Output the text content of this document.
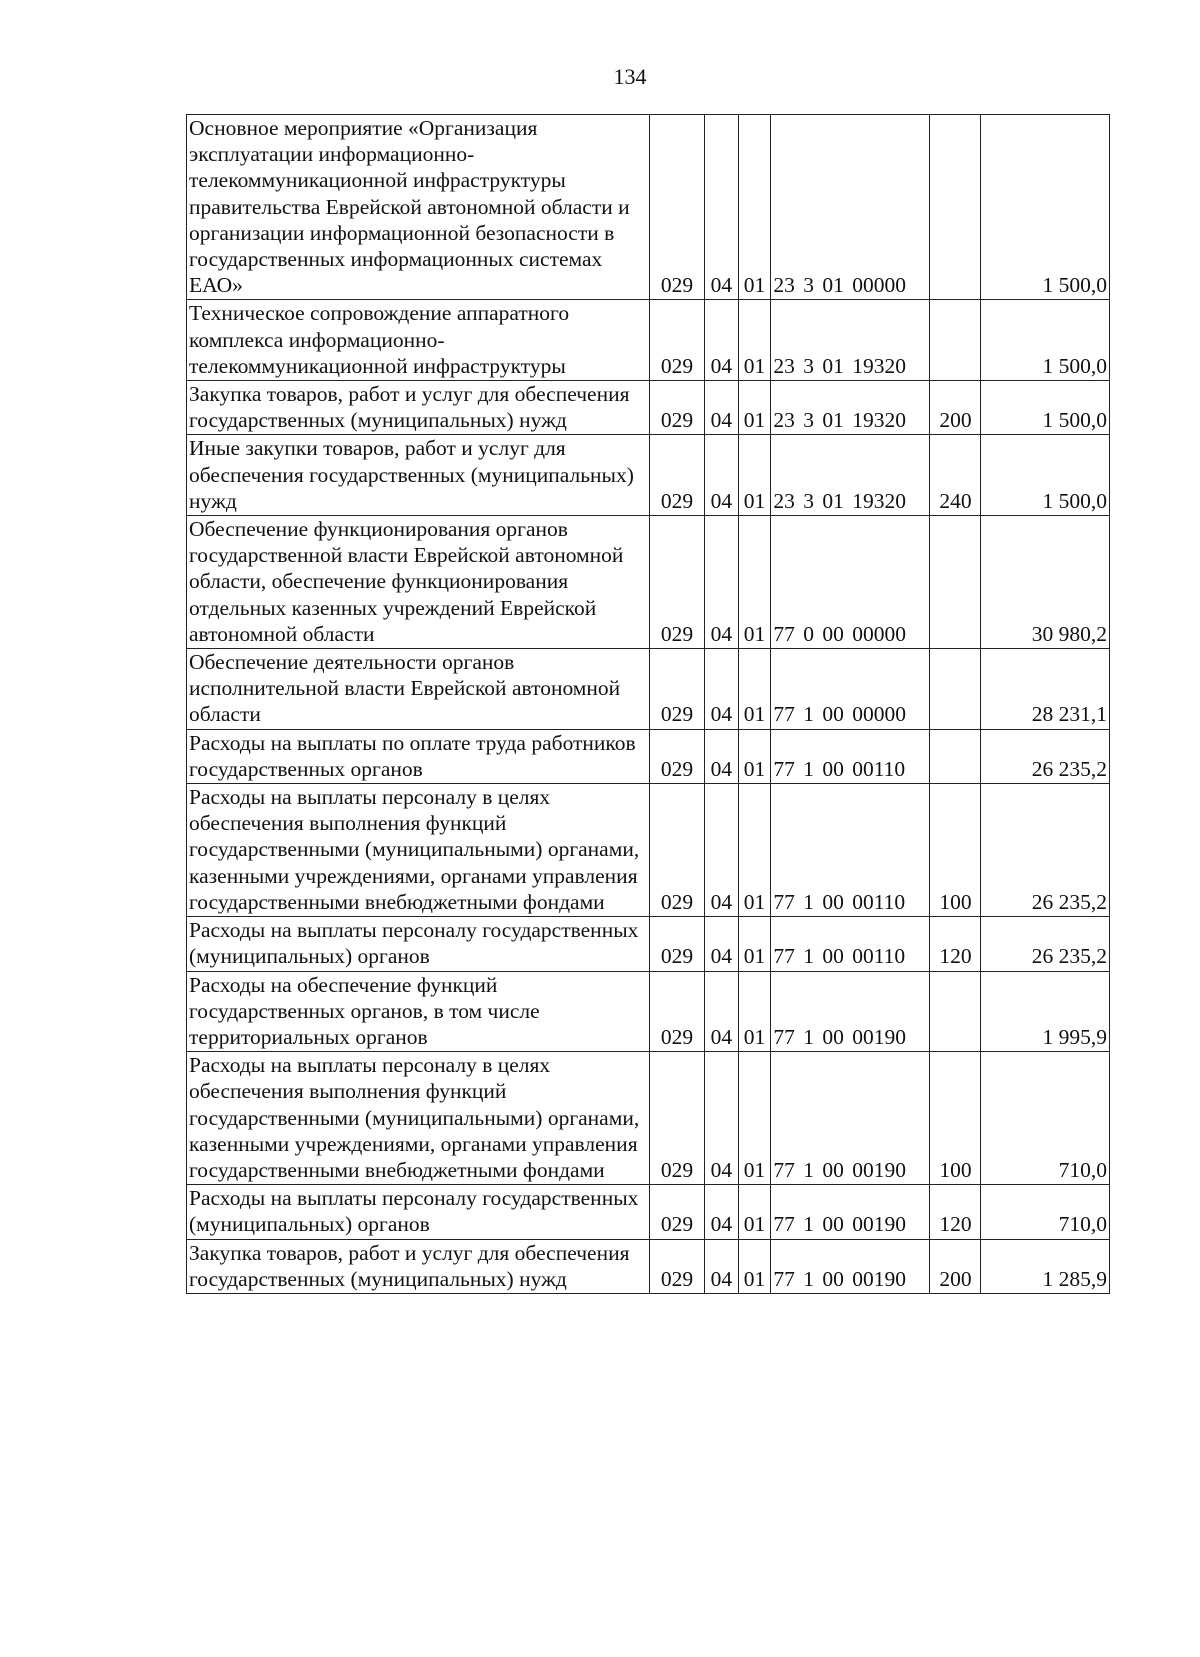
134
Основное мероприятие «Организация эксплуатации информационно-телекоммуникационной инфраструктуры правительства Еврейской автономной области и организации информационной безопасности в государственных информационных системах ЕАО»	029	04	01	23 3 01 00000		1 500,0
Техническое сопровождение аппаратного комплекса информационно-телекоммуникационной инфраструктуры	029	04	01	23 3 01 19320		1 500,0
Закупка товаров, работ и услуг для обеспечения государственных (муниципальных) нужд	029	04	01	23 3 01 19320	200	1 500,0
Иные закупки товаров, работ и услуг для обеспечения государственных (муниципальных) нужд	029	04	01	23 3 01 19320	240	1 500,0
Обеспечение функционирования органов государственной власти Еврейской автономной области, обеспечение функционирования отдельных казенных учреждений Еврейской автономной области	029	04	01	77 0 00 00000		30 980,2
Обеспечение деятельности органов исполнительной власти Еврейской автономной области	029	04	01	77 1 00 00000		28 231,1
Расходы на выплаты по оплате труда работников государственных органов	029	04	01	77 1 00 00110		26 235,2
Расходы на выплаты персоналу в целях обеспечения выполнения функций государственными (муниципальными) органами, казенными учреждениями, органами управления государственными внебюджетными фондами	029	04	01	77 1 00 00110	100	26 235,2
Расходы на выплаты персоналу государственных (муниципальных) органов	029	04	01	77 1 00 00110	120	26 235,2
Расходы на обеспечение функций государственных органов, в том числе территориальных органов	029	04	01	77 1 00 00190		1 995,9
Расходы на выплаты персоналу в целях обеспечения выполнения функций государственными (муниципальными) органами, казенными учреждениями, органами управления государственными внебюджетными фондами	029	04	01	77 1 00 00190	100	710,0
Расходы на выплаты персоналу государственных (муниципальных) органов	029	04	01	77 1 00 00190	120	710,0
Закупка товаров, работ и услуг для обеспечения государственных (муниципальных) нужд	029	04	01	77 1 00 00190	200	1 285,9
